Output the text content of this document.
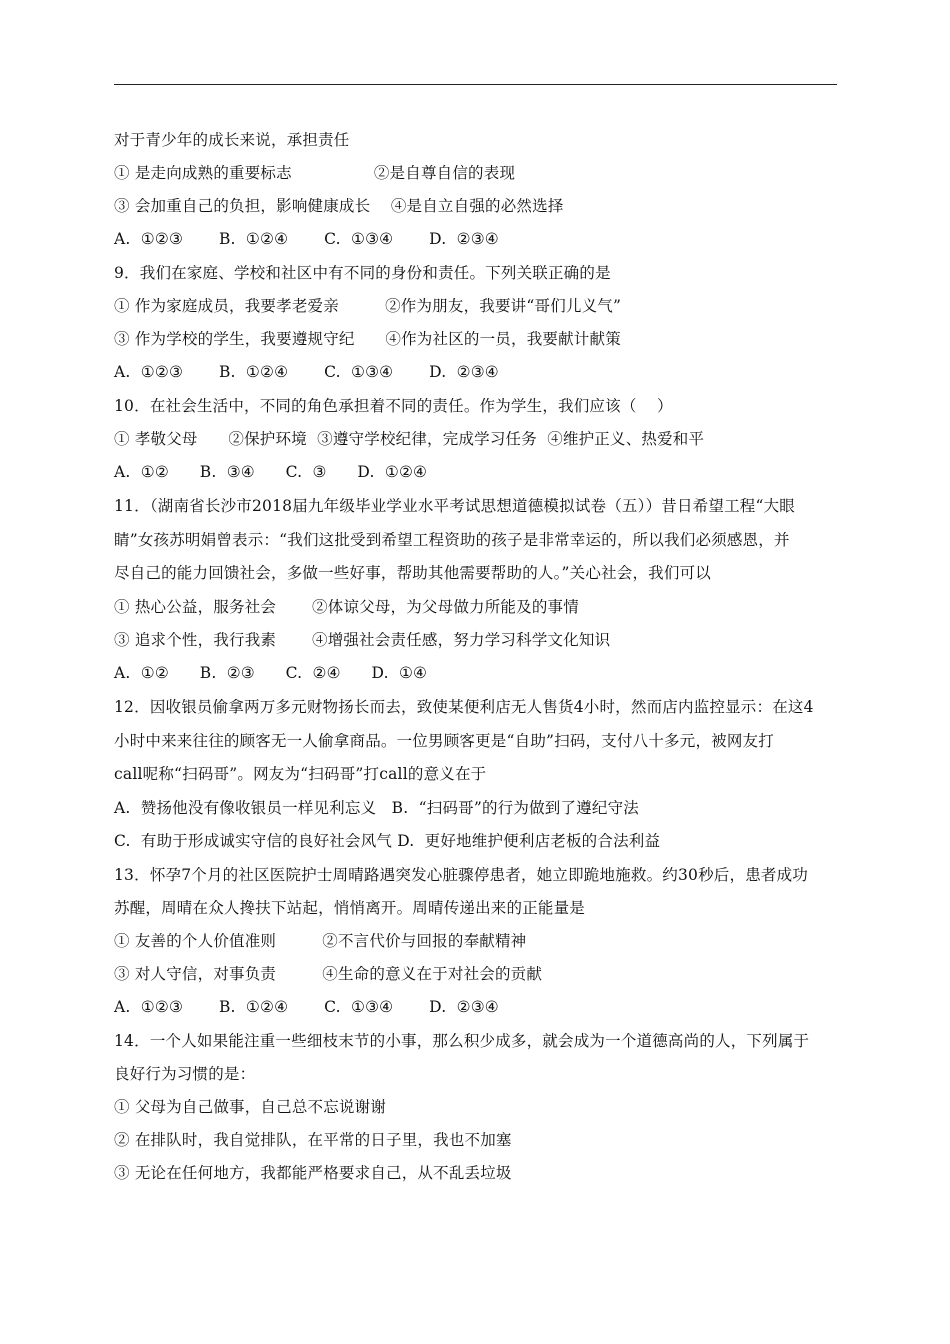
对于青少年的成长来说，承担责任
① 是走向成熟的重要标志                ②是自尊自信的表现
③ 会加重自己的负担，影响健康成长    ④是自立自强的必然选择
A.  ①②③       B.  ①②④       C.  ①③④       D.  ②③④
9．我们在家庭、学校和社区中有不同的身份和责任。下列关联正确的是
① 作为家庭成员，我要孝老爱亲         ②作为朋友，我要讲“哥们儿义气”
③ 作为学校的学生，我要遵规守纪      ④作为社区的一员，我要献计献策
A.  ①②③       B.  ①②④       C.  ①③④       D.  ②③④
10．在社会生活中，不同的角色承担着不同的责任。作为学生，我们应该（    ）
① 孝敬父母      ②保护环境  ③遵守学校纪律，完成学习任务  ④维护正义、热爱和平
A.  ①②      B.  ③④      C.  ③      D.  ①②④
11．（湖南省长沙市2018届九年级毕业学业水平考试思想道德模拟试卷（五））昔日希望工程“大眼
睛”女孩苏明娟曾表示：“我们这批受到希望工程资助的孩子是非常幸运的，所以我们必须感恩，并
尽自己的能力回馈社会，多做一些好事，帮助其他需要帮助的人。”关心社会，我们可以
① 热心公益，服务社会       ②体谅父母，为父母做力所能及的事情
③ 追求个性，我行我素       ④增强社会责任感，努力学习科学文化知识
A.  ①②      B.  ②③      C.  ②④      D.  ①④
12．因收银员偷拿两万多元财物扬长而去，致使某便利店无人售货4小时，然而店内监控显示：在这4
小时中来来往往的顾客无一人偷拿商品。一位男顾客更是“自助”扫码，支付八十多元，被网友打
call呢称“扫码哥”。网友为“扫码哥”打call的意义在于
A.  赞扬他没有像收银员一样见利忘义   B.  “扫码哥”的行为做到了遵纪守法
C.  有助于形成诚实守信的良好社会风气 D.  更好地维护便利店老板的合法利益
13．怀孕7个月的社区医院护士周晴路遇突发心脏骤停患者，她立即跪地施救。约30秒后，患者成功
苏醒，周晴在众人搀扶下站起，悄悄离开。周晴传递出来的正能量是
① 友善的个人价值准则         ②不言代价与回报的奉献精神
③ 对人守信，对事负责         ④生命的意义在于对社会的贡献
A.  ①②③       B.  ①②④       C.  ①③④       D.  ②③④
14．一个人如果能注重一些细枝末节的小事，那么积少成多，就会成为一个道德高尚的人，下列属于
良好行为习惯的是：
① 父母为自己做事，自己总不忘说谢谢
② 在排队时，我自觉排队，在平常的日子里，我也不加塞
③ 无论在任何地方，我都能严格要求自己，从不乱丢垃圾
